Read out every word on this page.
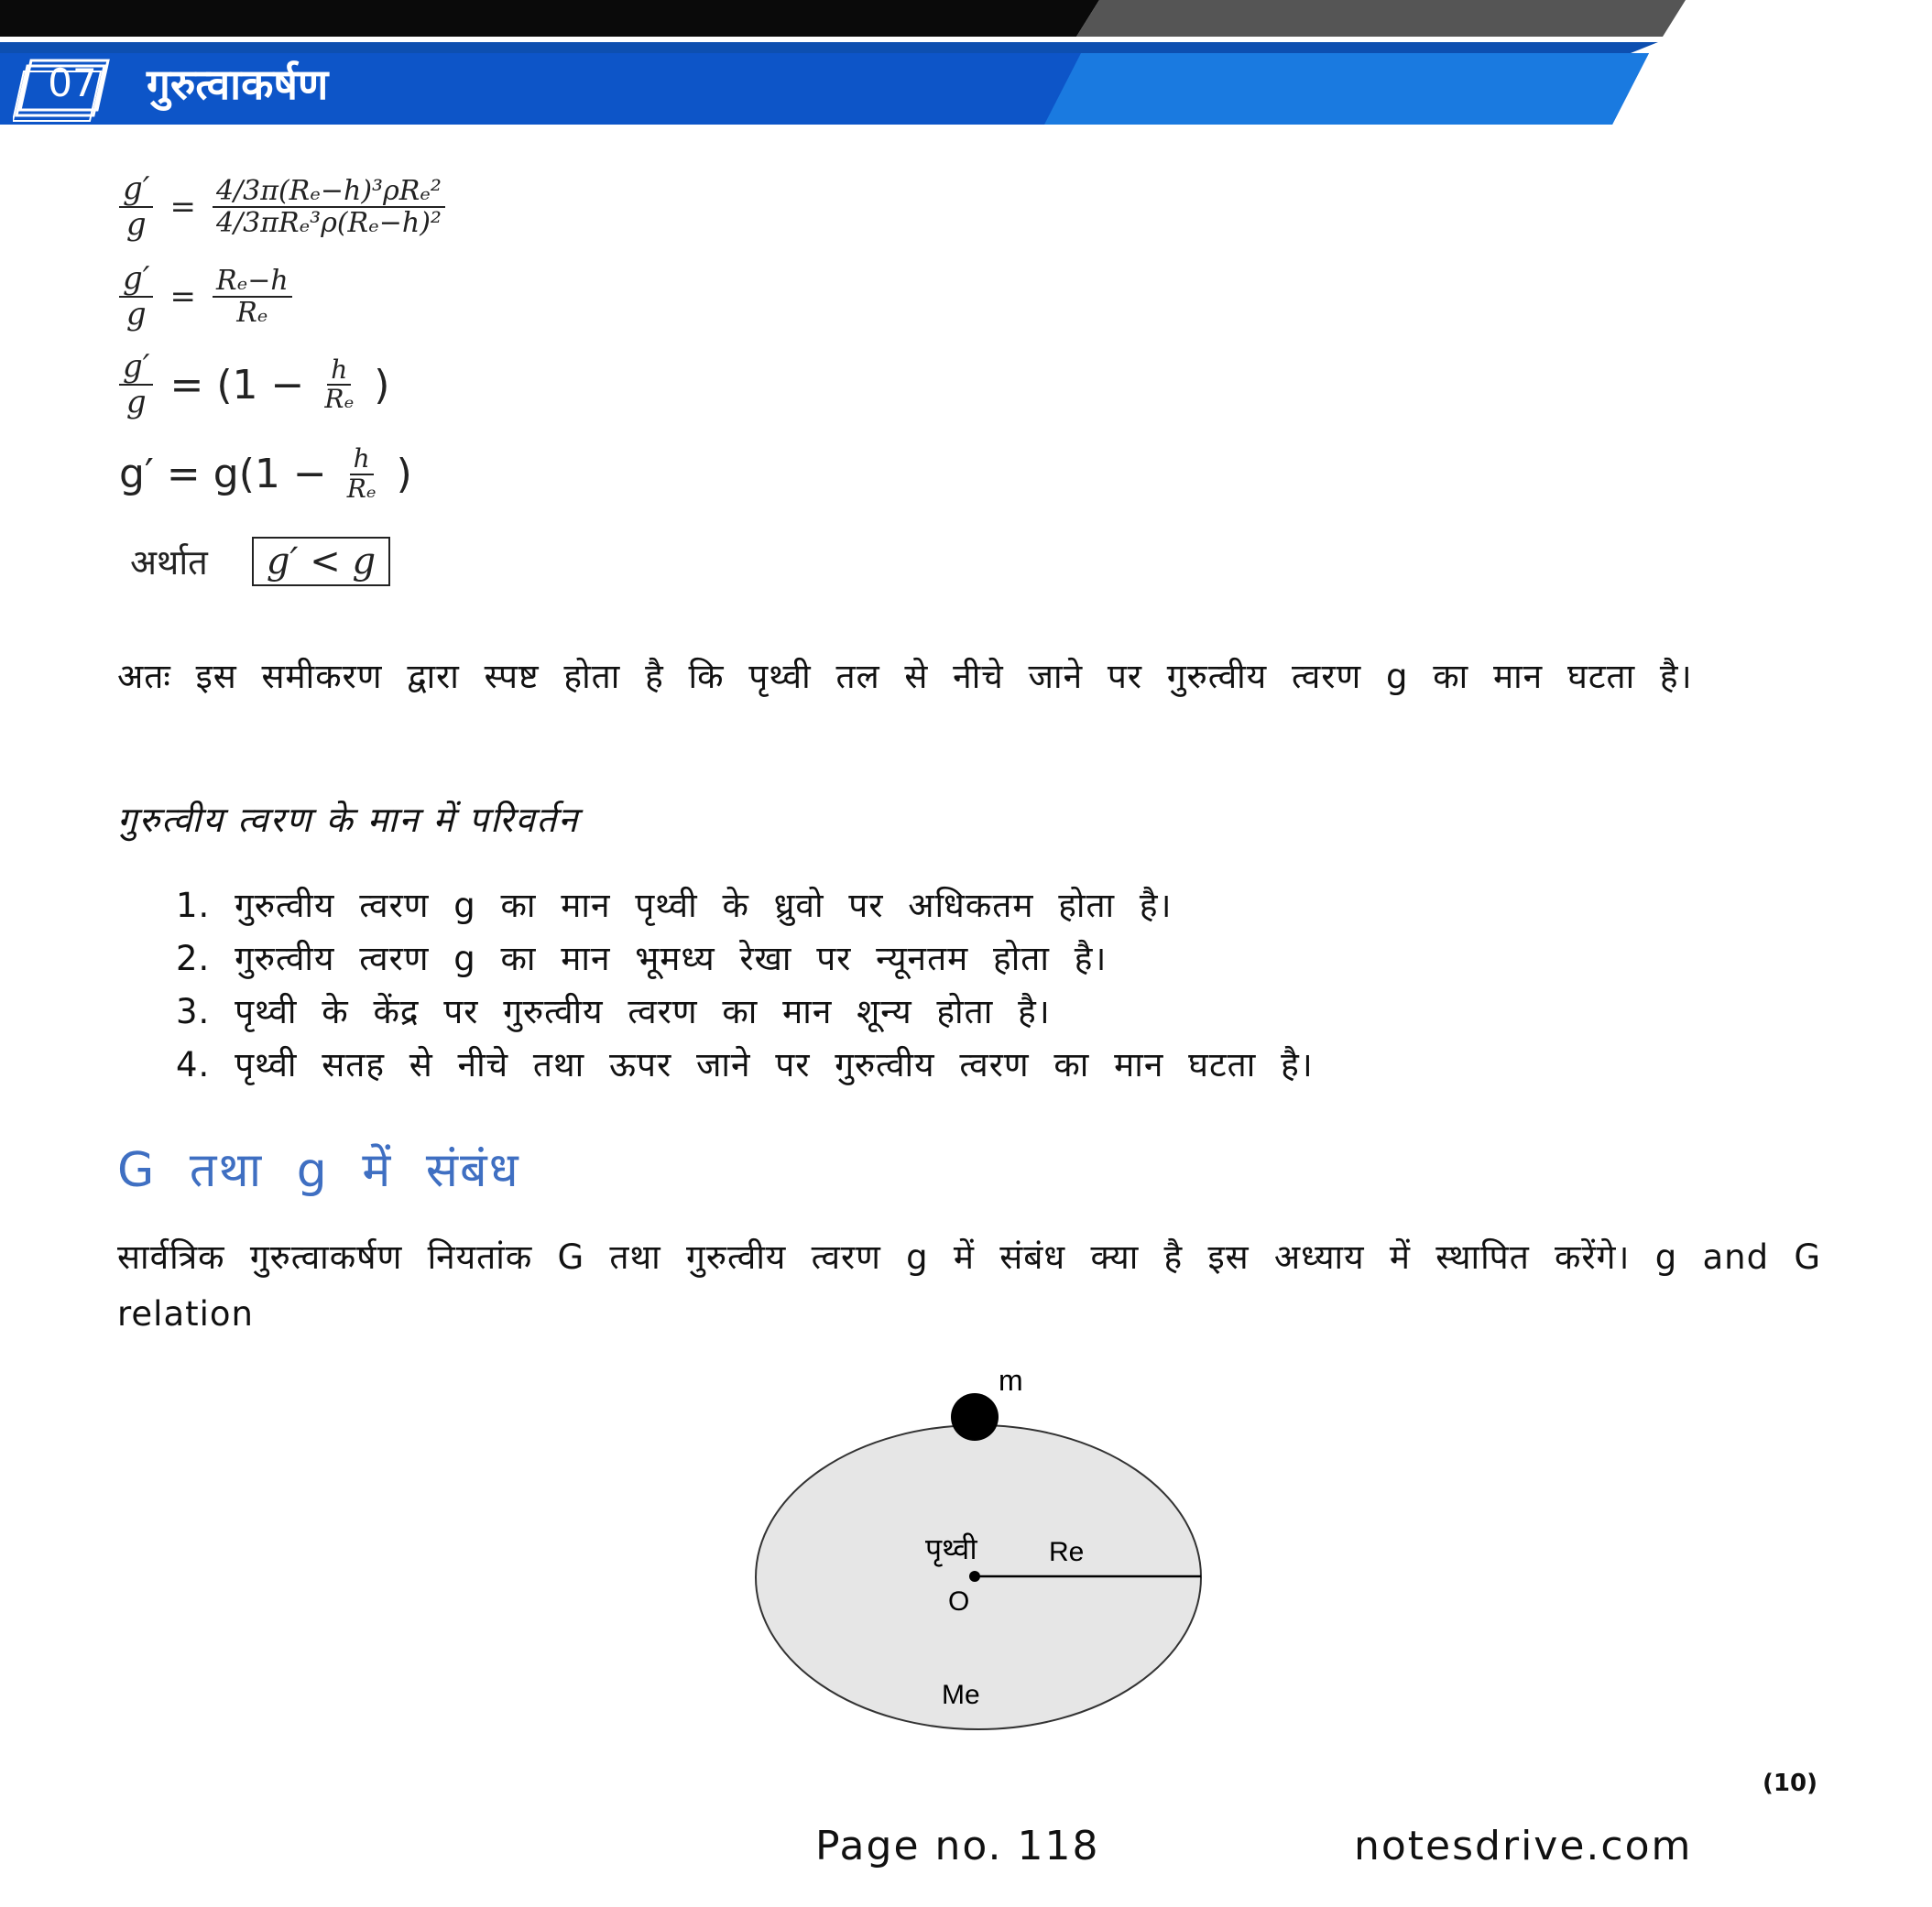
07	गुरुत्वाकर्षण
$\frac{g'}{g} = \frac{\text{4/3π(Rₑ−h)³ρRₑ²}}{\text{4/3πRₑ³ρ(Rₑ−h)²}}$
$\frac{g'}{g} = \frac{\text{Rₑ−h}}{\text{Rₑ}}$
$\frac{g'}{g} = (1 - \frac{h}{\text{Rₑ}}$ )
$g' = g(1 - \frac{h}{\text{Rₑ}}$ )
अर्थात	g′ < g
अतः इस समीकरण द्वारा स्पष्ट होता है कि पृथ्वी तल से नीचे जाने पर गुरुत्वीय त्वरण g का मान घटता है।
गुरुत्वीय त्वरण के मान में परिवर्तन
1. गुरुत्वीय त्वरण g का मान पृथ्वी के ध्रुवो पर अधिकतम होता है।
2. गुरुत्वीय त्वरण g का मान भूमध्य रेखा पर न्यूनतम होता है।
3. पृथ्वी के केंद्र पर गुरुत्वीय त्वरण का मान शून्य होता है।
4. पृथ्वी सतह से नीचे तथा ऊपर जाने पर गुरुत्वीय त्वरण का मान घटता है।
G तथा g में संबंध
सार्वत्रिक गुरुत्वाकर्षण नियतांक G तथा गुरुत्वीय त्वरण g में संबंध क्या है इस अध्याय में स्थापित करेंगे। g and G relation
m
पृथ्वी	Re
O
Me
(10)
Page no. 118	notesdrive.com
